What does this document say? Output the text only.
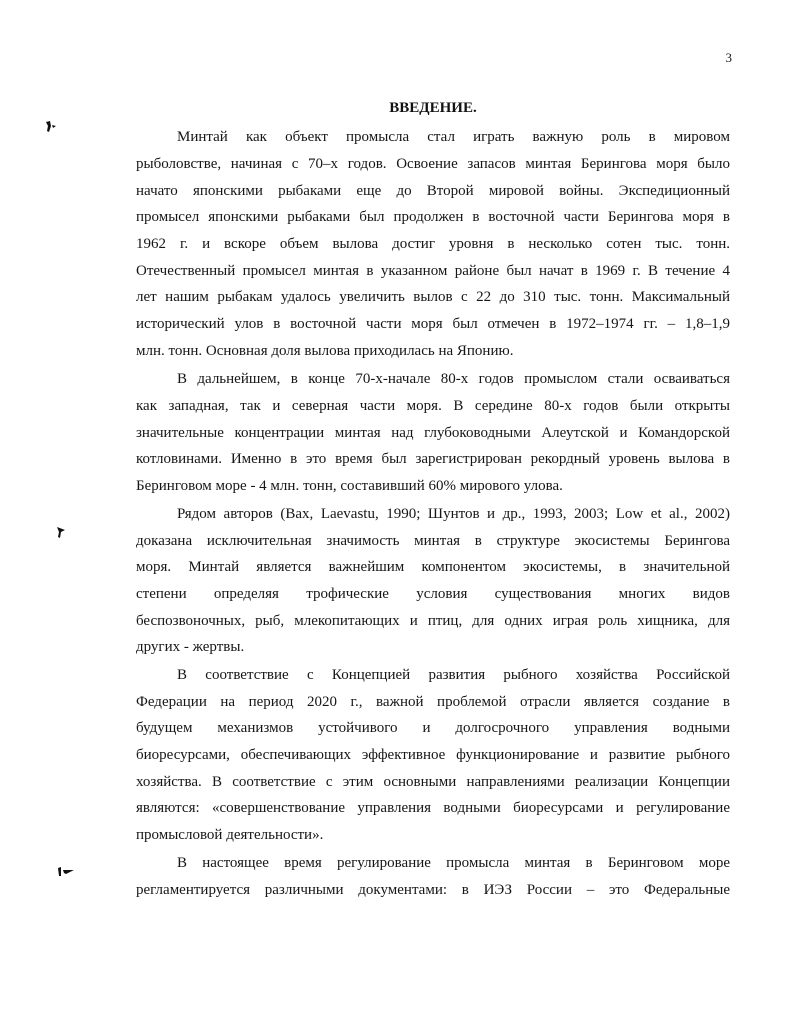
3
ВВЕДЕНИЕ.
Минтай как объект промысла стал играть важную роль в мировом
рыболовстве, начиная с 70–х годов. Освоение запасов минтая Берингова моря было
начато японскими рыбаками еще до Второй мировой войны. Экспедиционный
промысел японскими рыбаками был продолжен в восточной части Берингова моря в
1962 г. и вскоре объем вылова достиг уровня в несколько сотен тыс. тонн.
Отечественный промысел минтая в указанном районе был начат в 1969 г. В течение 4
лет нашим рыбакам удалось увеличить вылов с 22 до 310 тыс. тонн. Максимальный
исторический улов в восточной части моря был отмечен в 1972–1974 гг. – 1,8–1,9
млн. тонн. Основная доля вылова приходилась на Японию.
В дальнейшем, в конце 70-х-начале 80-х годов промыслом стали осваиваться
как западная, так и северная части моря. В середине 80-х годов были открыты
значительные концентрации минтая над глубоководными Алеутской и Командорской
котловинами. Именно в это время был зарегистрирован рекордный уровень вылова в
Беринговом море - 4 млн. тонн, составивший 60% мирового улова.
Рядом авторов (Bax, Laevastu, 1990; Шунтов и др., 1993, 2003; Low et al., 2002)
доказана исключительная значимость минтая в структуре экосистемы Берингова
моря. Минтай является важнейшим компонентом экосистемы, в значительной
степени определяя трофические условия существования многих видов
беспозвоночных, рыб, млекопитающих и птиц, для одних играя роль хищника, для
других - жертвы.
В соответствие с Концепцией развития рыбного хозяйства Российской
Федерации на период 2020 г., важной проблемой отрасли является создание в
будущем механизмов устойчивого и долгосрочного управления водными
биоресурсами, обеспечивающих эффективное функционирование и развитие рыбного
хозяйства. В соответствие с этим основными направлениями реализации Концепции
являются: «совершенствование управления водными биоресурсами и регулирование
промысловой деятельности».
В настоящее время регулирование промысла минтая в Беринговом море
регламентируется различными документами: в ИЭЗ России – это Федеральные
